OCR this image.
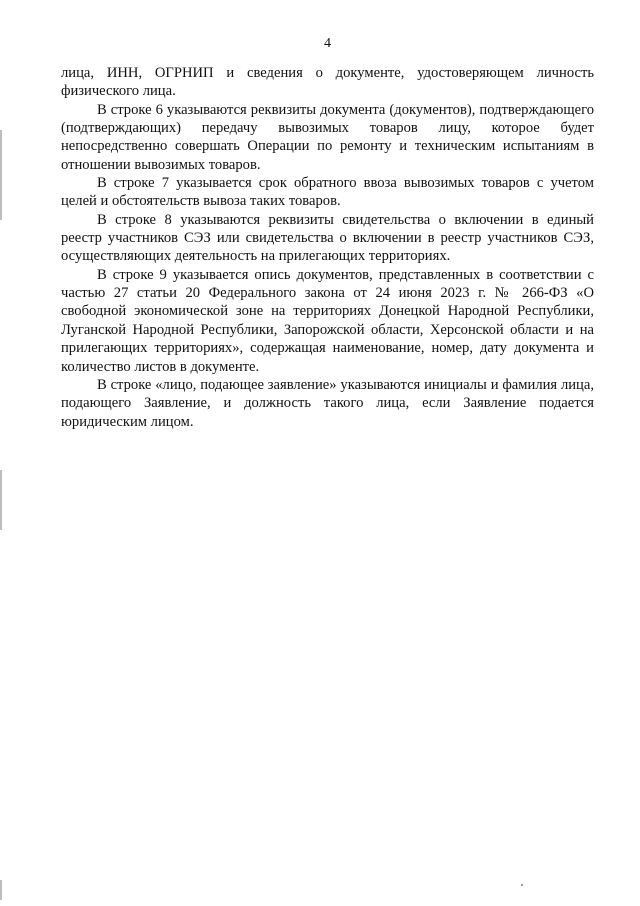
4

лица, ИНН, ОГРНИП и сведения о документе, удостоверяющем личность физического лица.

В строке 6 указываются реквизиты документа (документов), подтверждающего (подтверждающих) передачу вывозимых товаров лицу, которое будет непосредственно совершать Операции по ремонту и техническим испытаниям в отношении вывозимых товаров.

В строке 7 указывается срок обратного ввоза вывозимых товаров с учетом целей и обстоятельств вывоза таких товаров.

В строке 8 указываются реквизиты свидетельства о включении в единый реестр участников СЭЗ или свидетельства о включении в реестр участников СЭЗ, осуществляющих деятельность на прилегающих территориях.

В строке 9 указывается опись документов, представленных в соответствии с частью 27 статьи 20 Федерального закона от 24 июня 2023 г. № 266-ФЗ «О свободной экономической зоне на территориях Донецкой Народной Республики, Луганской Народной Республики, Запорожской области, Херсонской области и на прилегающих территориях», содержащая наименование, номер, дату документа и количество листов в документе.

В строке «лицо, подающее заявление» указываются инициалы и фамилия лица, подающего Заявление, и должность такого лица, если Заявление подается юридическим лицом.
